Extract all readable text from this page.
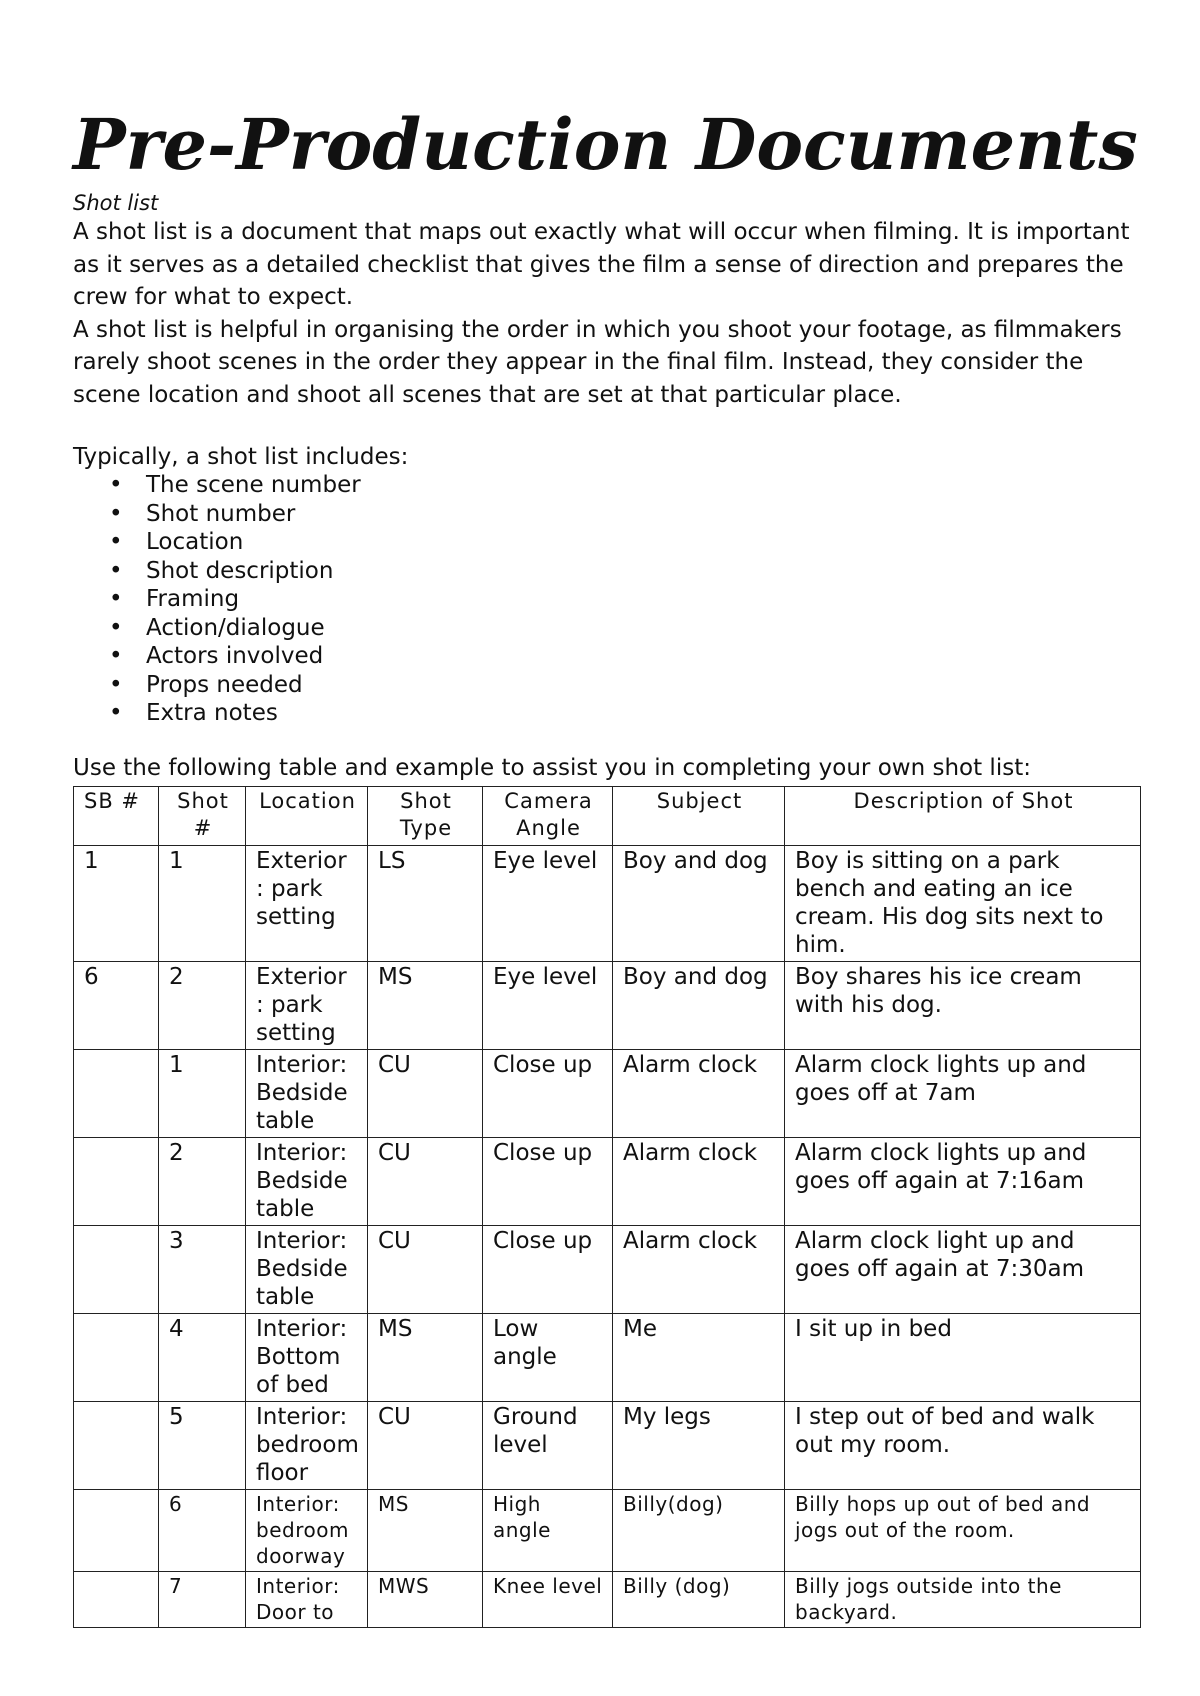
Pre-Production Documents

Shot list

A shot list is a document that maps out exactly what will occur when filming. It is important as it serves as a detailed checklist that gives the film a sense of direction and prepares the crew for what to expect.

A shot list is helpful in organising the order in which you shoot your footage, as filmmakers rarely shoot scenes in the order they appear in the final film. Instead, they consider the scene location and shoot all scenes that are set at that particular place.

Typically, a shot list includes:

• The scene number
• Shot number
• Location
• Shot description
• Framing
• Action/dialogue
• Actors involved
• Props needed
• Extra notes

Use the following table and example to assist you in completing your own shot list:

SB #	Shot #	Location	Shot Type	Camera Angle	Subject	Description of Shot
1	1	Exterior : park setting	LS	Eye level	Boy and dog	Boy is sitting on a park bench and eating an ice cream. His dog sits next to him.
6	2	Exterior : park setting	MS	Eye level	Boy and dog	Boy shares his ice cream with his dog.
	1	Interior: Bedside table	CU	Close up	Alarm clock	Alarm clock lights up and goes off at 7am
	2	Interior: Bedside table	CU	Close up	Alarm clock	Alarm clock lights up and goes off again at 7:16am
	3	Interior: Bedside table	CU	Close up	Alarm clock	Alarm clock light up and goes off again at 7:30am
	4	Interior: Bottom of bed	MS	Low angle	Me	I sit up in bed
	5	Interior: bedroom floor	CU	Ground level	My legs	I step out of bed and walk out my room.
	6	Interior: bedroom doorway	MS	High angle	Billy(dog)	Billy hops up out of bed and jogs out of the room.
	7	Interior: Door to	MWS	Knee level	Billy (dog)	Billy jogs outside into the backyard.
